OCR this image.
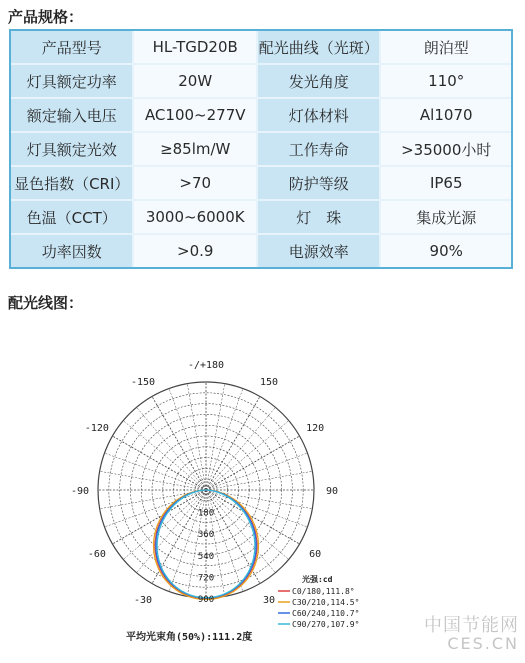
产品规格：
产品型号	HL-TGD20B	配光曲线（光斑）	朗泊型
灯具额定功率	20W	发光角度	110°
额定输入电压	AC100~277V	灯体材料	Al1070
灯具额定光效	≥85lm/W	工作寿命	>35000小时
显色指数（CRI）	>70	防护等级	IP65
色温（CCT）	3000~6000K	灯　珠	集成光源
功率因数	>0.9	电源效率	90%
配光线图：
-/+180
-150	150
-120	120
-90	90
-60	60
-30	30
180
360
540
720
900
光强:cd
C0/180,111.8°
C30/210,114.5°
C60/240,110.7°
C90/270,107.9°
平均光束角(50%):111.2度
中国节能网
CES.CN
